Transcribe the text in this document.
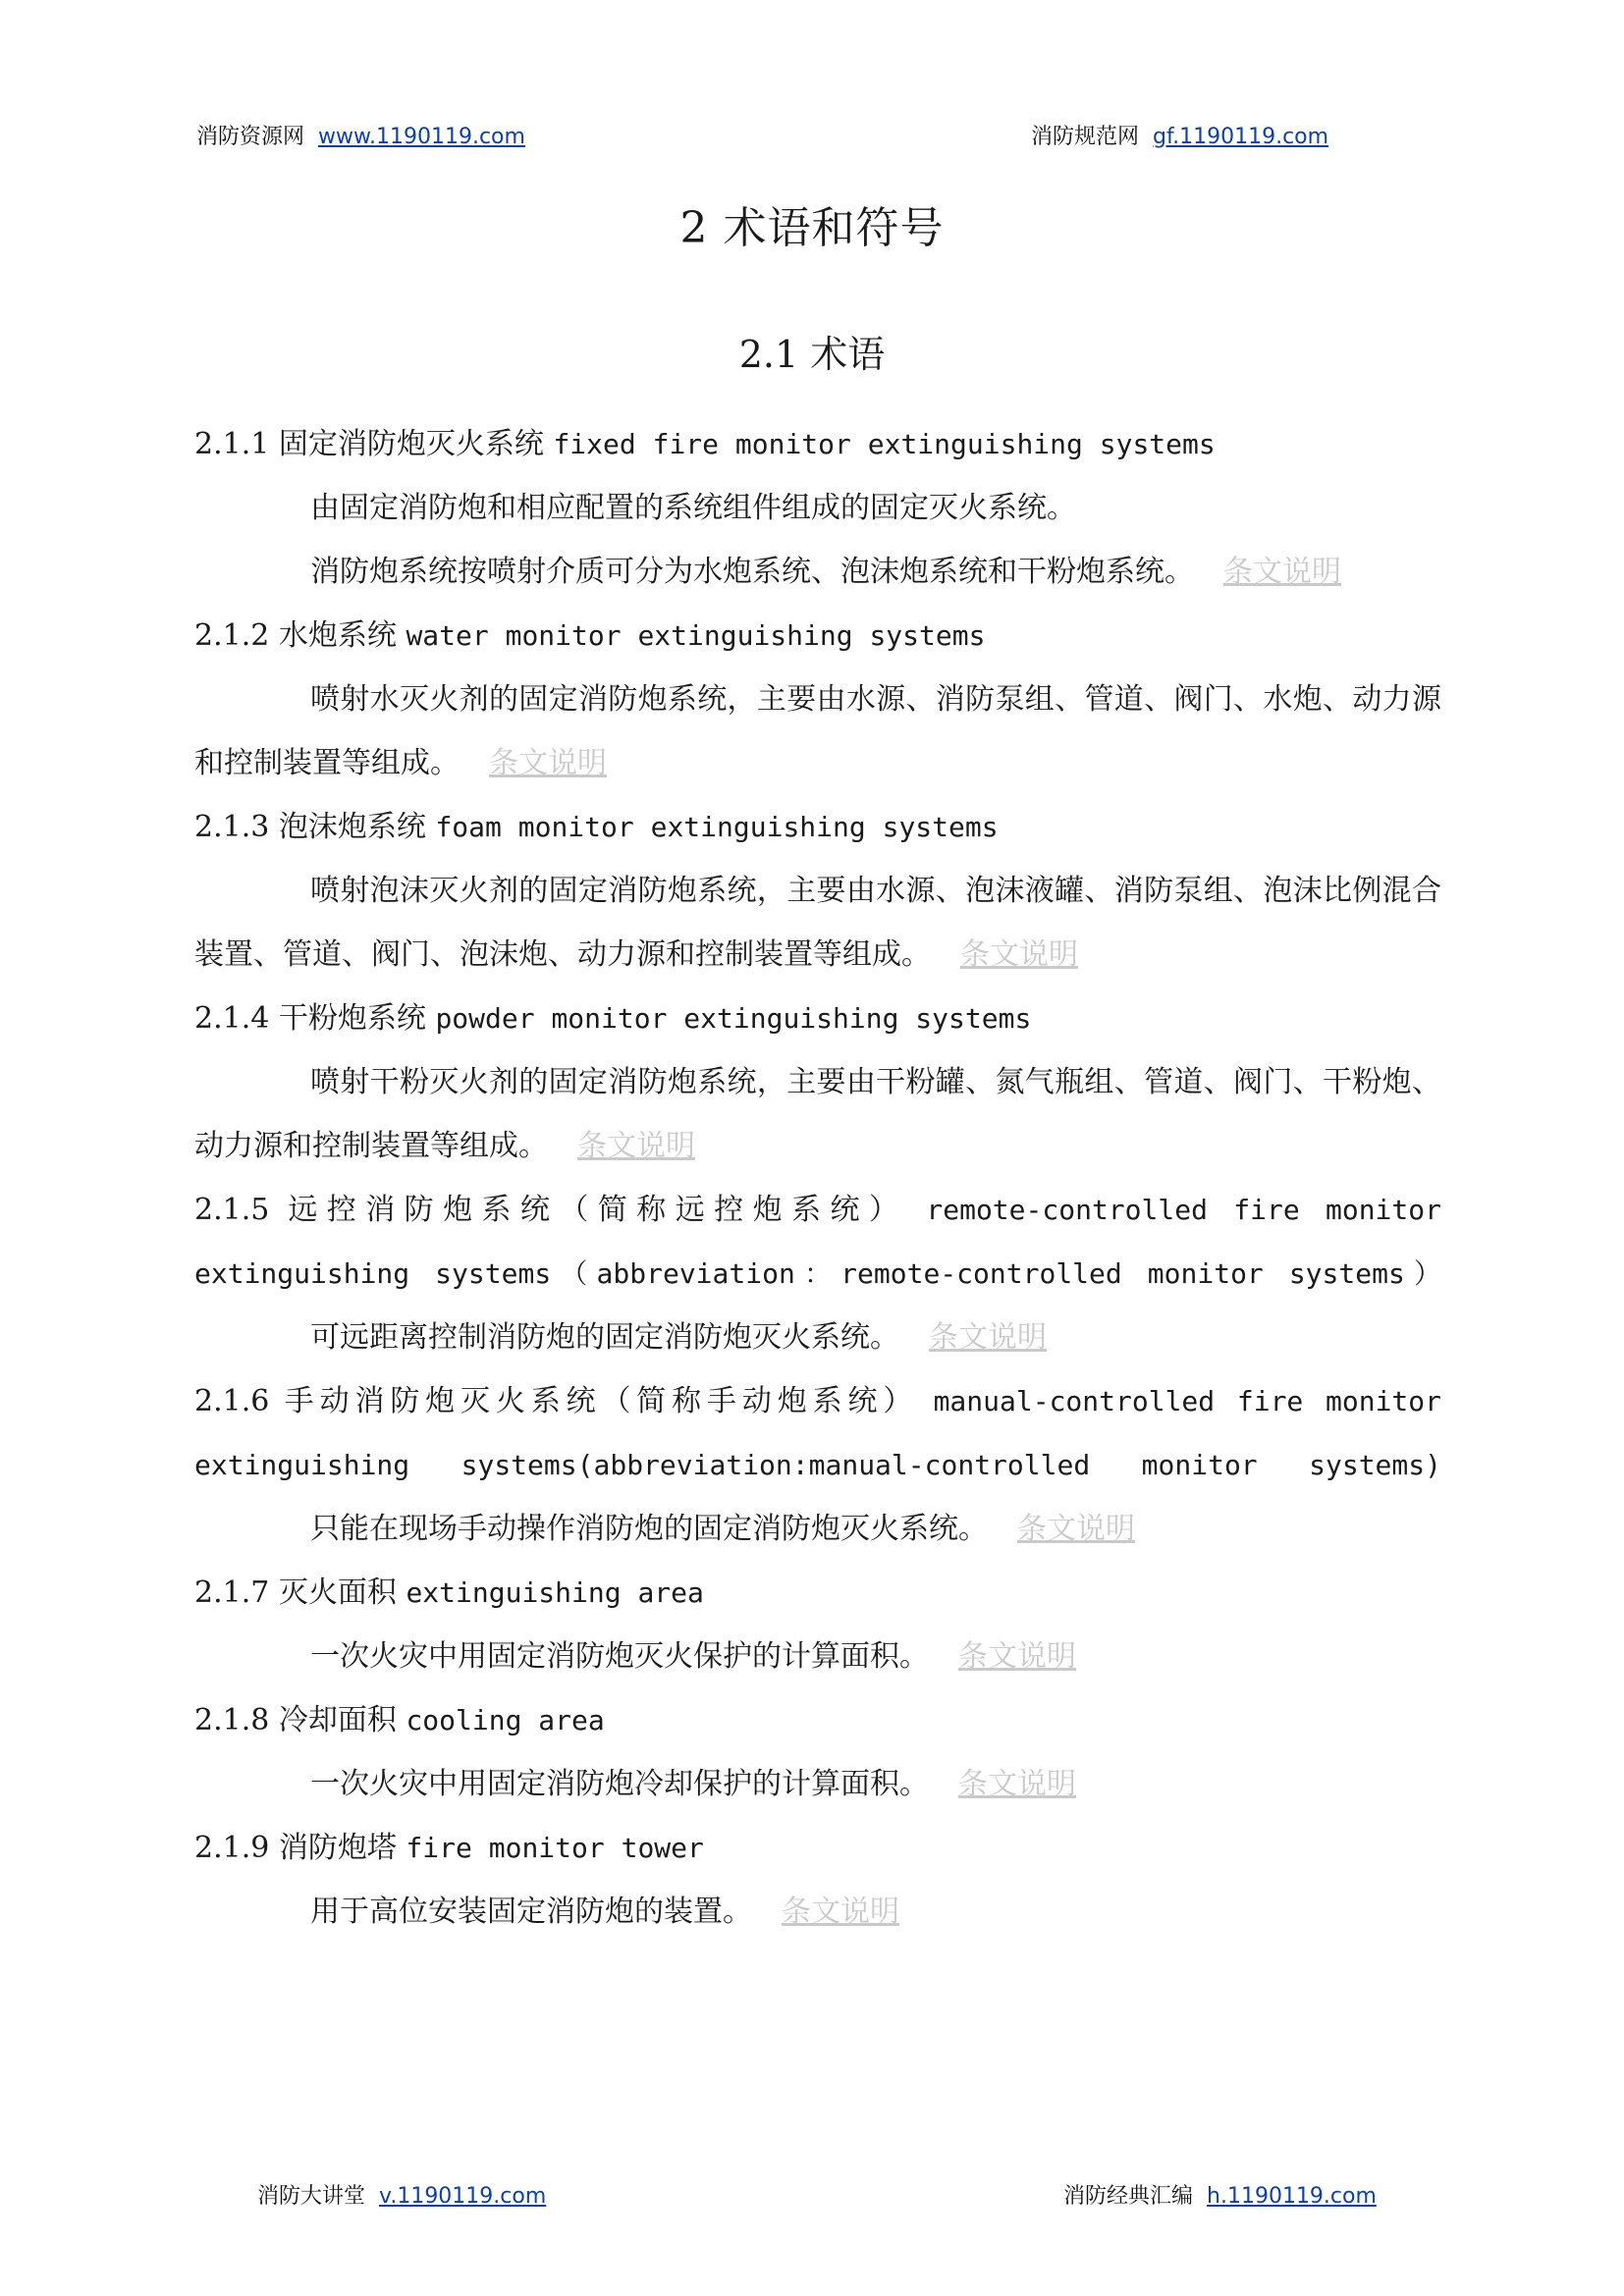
消防资源网 www.1190119.com	消防规范网 gf.1190119.com
2 术语和符号
2.1 术语
2.1.1 固定消防炮灭火系统 fixed fire monitor extinguishing systems
由固定消防炮和相应配置的系统组件组成的固定灭火系统。
消防炮系统按喷射介质可分为水炮系统、泡沫炮系统和干粉炮系统。 条文说明
2.1.2 水炮系统 water monitor extinguishing systems
喷射水灭火剂的固定消防炮系统，主要由水源、消防泵组、管道、阀门、水炮、动力源和控制装置等组成。 条文说明
2.1.3 泡沫炮系统 foam monitor extinguishing systems
喷射泡沫灭火剂的固定消防炮系统，主要由水源、泡沫液罐、消防泵组、泡沫比例混合装置、管道、阀门、泡沫炮、动力源和控制装置等组成。 条文说明
2.1.4 干粉炮系统 powder monitor extinguishing systems
喷射干粉灭火剂的固定消防炮系统，主要由干粉罐、氮气瓶组、管道、阀门、干粉炮、动力源和控制装置等组成。 条文说明
2.1.5 远控消防炮系统（简称远控炮系统） remote-controlled fire monitor extinguishing systems（abbreviation：remote-controlled monitor systems）
可远距离控制消防炮的固定消防炮灭火系统。 条文说明
2.1.6 手动消防炮灭火系统（简称手动炮系统） manual-controlled fire monitor extinguishing systems(abbreviation:manual-controlled monitor systems)
只能在现场手动操作消防炮的固定消防炮灭火系统。 条文说明
2.1.7 灭火面积 extinguishing area
一次火灾中用固定消防炮灭火保护的计算面积。 条文说明
2.1.8 冷却面积 cooling area
一次火灾中用固定消防炮冷却保护的计算面积。 条文说明
2.1.9 消防炮塔 fire monitor tower
用于高位安装固定消防炮的装置。 条文说明
消防大讲堂 v.1190119.com	消防经典汇编 h.1190119.com
